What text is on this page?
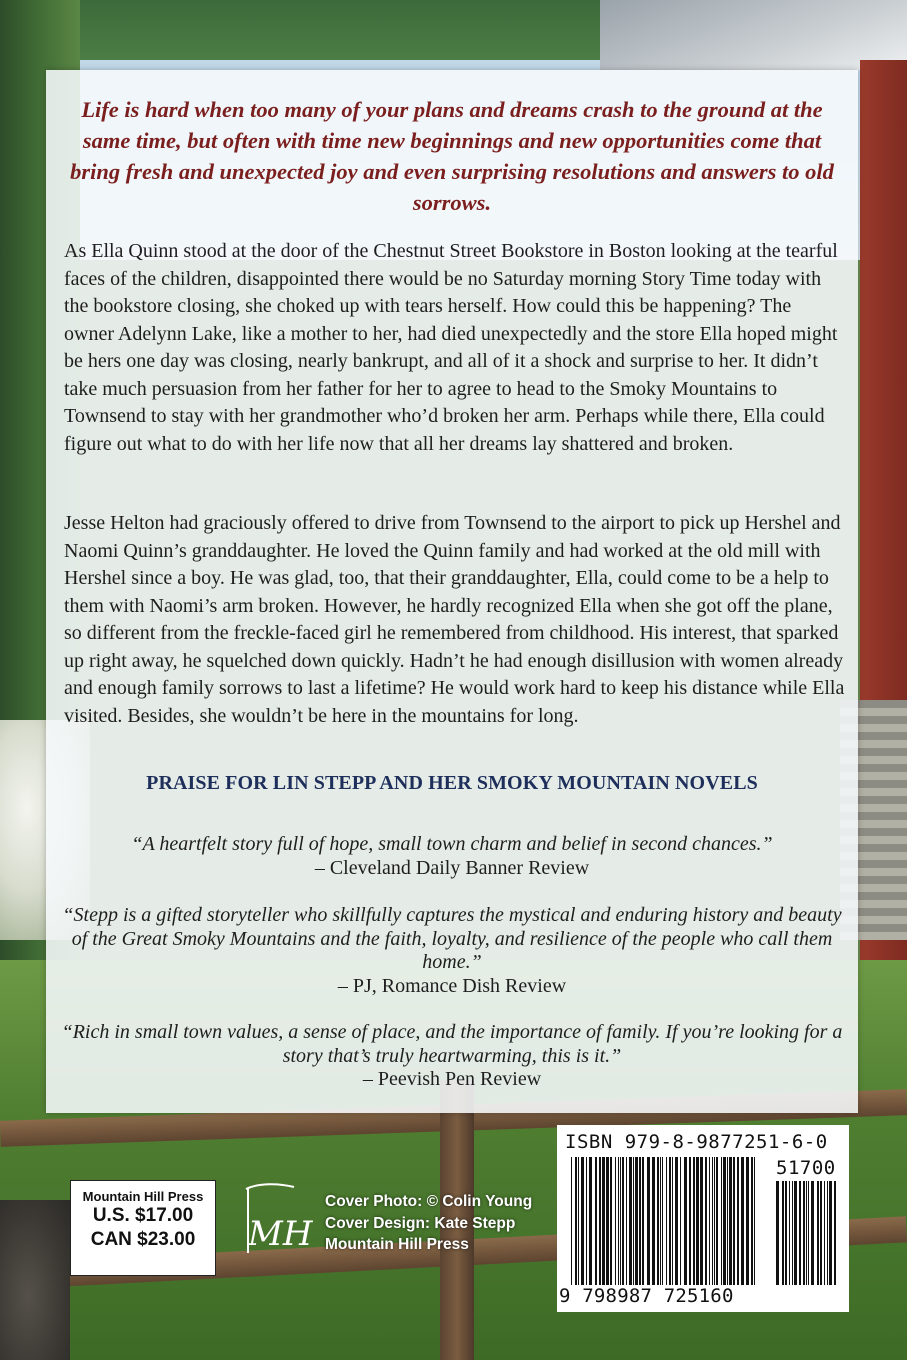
Life is hard when too many of your plans and dreams crash to the ground at the same time, but often with time new beginnings and new opportunities come that bring fresh and unexpected joy and even surprising resolutions and answers to old sorrows.

As Ella Quinn stood at the door of the Chestnut Street Bookstore in Boston looking at the tearful faces of the children, disappointed there would be no Saturday morning Story Time today with the bookstore closing, she choked up with tears herself. How could this be happening? The owner Adelynn Lake, like a mother to her, had died unexpectedly and the store Ella hoped might be hers one day was closing, nearly bankrupt, and all of it a shock and surprise to her. It didn’t take much persuasion from her father for her to agree to head to the Smoky Mountains to Townsend to stay with her grandmother who’d broken her arm. Perhaps while there, Ella could figure out what to do with her life now that all her dreams lay shattered and broken.

Jesse Helton had graciously offered to drive from Townsend to the airport to pick up Hershel and Naomi Quinn’s granddaughter. He loved the Quinn family and had worked at the old mill with Hershel since a boy. He was glad, too, that their granddaughter, Ella, could come to be a help to them with Naomi’s arm broken. However, he hardly recognized Ella when she got off the plane, so different from the freckle-faced girl he remembered from childhood. His interest, that sparked up right away, he squelched down quickly. Hadn’t he had enough disillusion with women already and enough family sorrows to last a lifetime? He would work hard to keep his distance while Ella visited. Besides, she wouldn’t be here in the mountains for long.

PRAISE FOR LIN STEPP AND HER SMOKY MOUNTAIN NOVELS
“A heartfelt story full of hope, small town charm and belief in second chances.”
– Cleveland Daily Banner Review
“Stepp is a gifted storyteller who skillfully captures the mystical and enduring history and beauty of the Great Smoky Mountains and the faith, loyalty, and resilience of the people who call them home.”
– PJ, Romance Dish Review
“Rich in small town values, a sense of place, and the importance of family. If you’re looking for a story that’s truly heartwarming, this is it.”
– Peevish Pen Review
Mountain Hill Press
U.S. $17.00
CAN $23.00	MH
Cover Photo: © Colin Young
Cover Design: Kate Stepp
Mountain Hill Press
ISBN 979-8-9877251-6-0
51700
9 798987 725160
